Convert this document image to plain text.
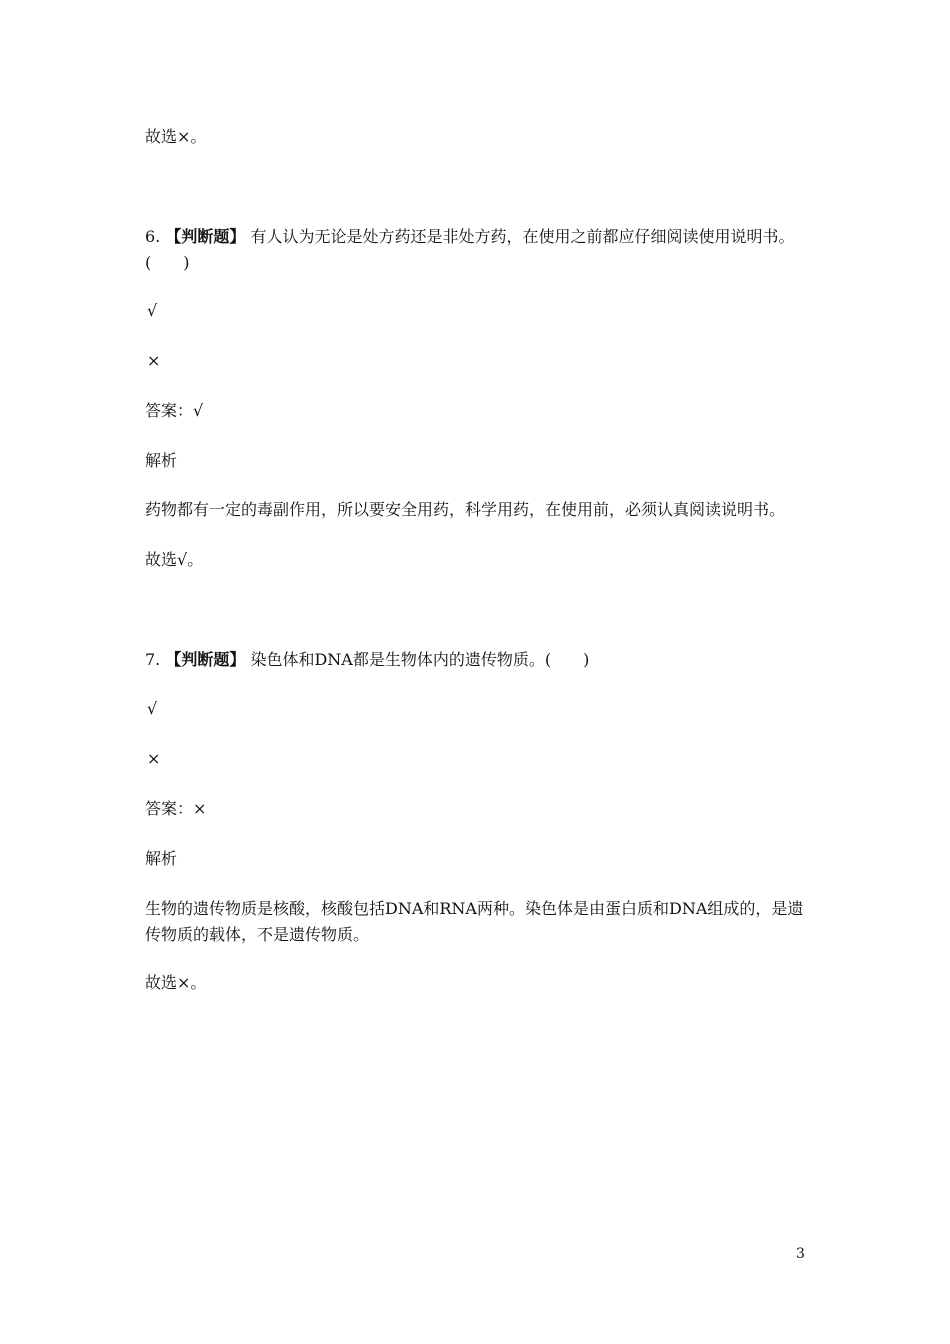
故选×。
6. 【判断题】 有人认为无论是处方药还是非处方药，在使用之前都应仔细阅读使用说明书。(　　)
√
×
答案：√
解析
药物都有一定的毒副作用，所以要安全用药，科学用药，在使用前，必须认真阅读说明书。
故选√。
7. 【判断题】 染色体和DNA都是生物体内的遗传物质。(　　)
√
×
答案：×
解析
生物的遗传物质是核酸，核酸包括DNA和RNA两种。染色体是由蛋白质和DNA组成的，是遗传物质的载体，不是遗传物质。
故选×。
3
